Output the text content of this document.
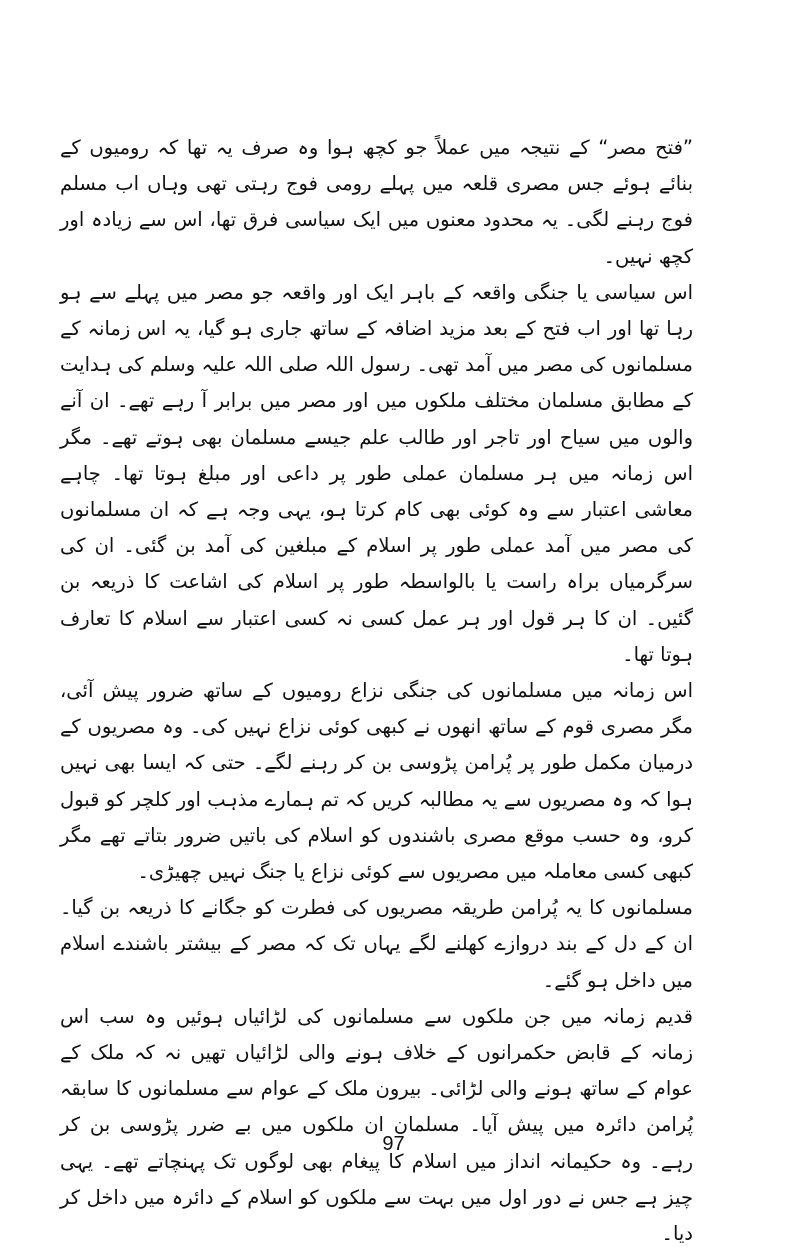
”فتح مصر“ کے نتیجہ میں عملاً جو کچھ ہوا وہ صرف یہ تھا کہ رومیوں کے بنائے ہوئے جس مصری قلعہ میں پہلے رومی فوج رہتی تھی وہاں اب مسلم فوج رہنے لگی۔ یہ محدود معنوں میں ایک سیاسی فرق تھا، اس سے زیادہ اور کچھ نہیں۔

اس سیاسی یا جنگی واقعہ کے باہر ایک اور واقعہ جو مصر میں پہلے سے ہو رہا تھا اور اب فتح کے بعد مزید اضافہ کے ساتھ جاری ہو گیا، یہ اس زمانہ کے مسلمانوں کی مصر میں آمد تھی۔ رسول اللہ صلی اللہ علیہ وسلم کی ہدایت کے مطابق مسلمان مختلف ملکوں میں اور مصر میں برابر آ رہے تھے۔ ان آنے والوں میں سیاح اور تاجر اور طالب علم جیسے مسلمان بھی ہوتے تھے۔ مگر اس زمانہ میں ہر مسلمان عملی طور پر داعی اور مبلغ ہوتا تھا۔ چاہے معاشی اعتبار سے وہ کوئی بھی کام کرتا ہو، یہی وجہ ہے کہ ان مسلمانوں کی مصر میں آمد عملی طور پر اسلام کے مبلغین کی آمد بن گئی۔ ان کی سرگرمیاں براہ راست یا بالواسطہ طور پر اسلام کی اشاعت کا ذریعہ بن گئیں۔ ان کا ہر قول اور ہر عمل کسی نہ کسی اعتبار سے اسلام کا تعارف ہوتا تھا۔

اس زمانہ میں مسلمانوں کی جنگی نزاع رومیوں کے ساتھ ضرور پیش آئی، مگر مصری قوم کے ساتھ انھوں نے کبھی کوئی نزاع نہیں کی۔ وہ مصریوں کے درمیان مکمل طور پر پُرامن پڑوسی بن کر رہنے لگے۔ حتی کہ ایسا بھی نہیں ہوا کہ وہ مصریوں سے یہ مطالبہ کریں کہ تم ہمارے مذہب اور کلچر کو قبول کرو، وہ حسب موقع مصری باشندوں کو اسلام کی باتیں ضرور بتاتے تھے مگر کبھی کسی معاملہ میں مصریوں سے کوئی نزاع یا جنگ نہیں چھیڑی۔

مسلمانوں کا یہ پُرامن طریقہ مصریوں کی فطرت کو جگانے کا ذریعہ بن گیا۔ ان کے دل کے بند دروازے کھلنے لگے یہاں تک کہ مصر کے بیشتر باشندے اسلام میں داخل ہو گئے۔

قدیم زمانہ میں جن ملکوں سے مسلمانوں کی لڑائیاں ہوئیں وہ سب اس زمانہ کے قابض حکمرانوں کے خلاف ہونے والی لڑائیاں تھیں نہ کہ ملک کے عوام کے ساتھ ہونے والی لڑائی۔ بیرون ملک کے عوام سے مسلمانوں کا سابقہ پُرامن دائرہ میں پیش آیا۔ مسلمان ان ملکوں میں بے ضرر پڑوسی بن کر رہے۔ وہ حکیمانہ انداز میں اسلام کا پیغام بھی لوگوں تک پہنچاتے تھے۔ یہی چیز ہے جس نے دور اول میں بہت سے ملکوں کو اسلام کے دائرہ میں داخل کر دیا۔

97
